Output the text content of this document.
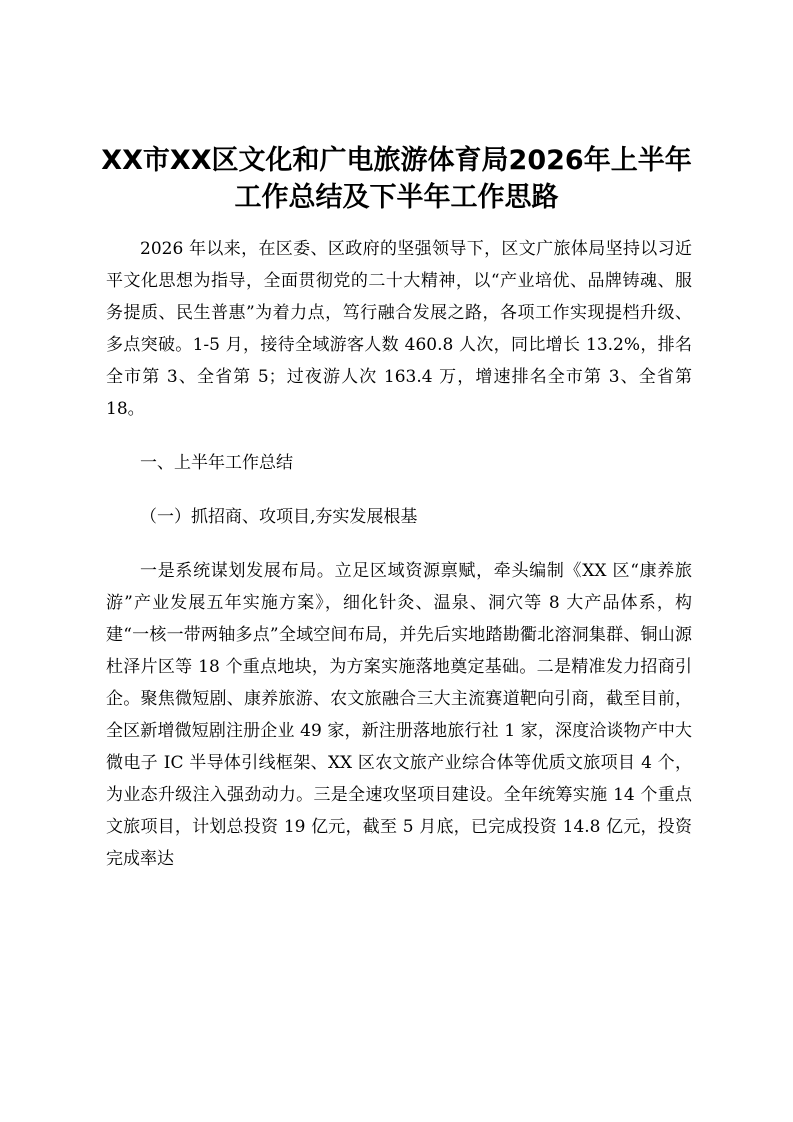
XX市XX区文化和广电旅游体育局2026年上半年工作总结及下半年工作思路

2026 年以来，在区委、区政府的坚强领导下，区文广旅体局坚持以习近平文化思想为指导，全面贯彻党的二十大精神，以“产业培优、品牌铸魂、服务提质、民生普惠”为着力点，笃行融合发展之路，各项工作实现提档升级、多点突破。1-5 月，接待全域游客人数 460.8 人次，同比增长 13.2%，排名全市第 3、全省第 5；过夜游人次 163.4 万，增速排名全市第 3、全省第 18。

一、上半年工作总结

（一）抓招商、攻项目,夯实发展根基

一是系统谋划发展布局。立足区域资源禀赋，牵头编制《XX 区“康养旅游”产业发展五年实施方案》，细化针灸、温泉、洞穴等 8 大产品体系，构建“一核一带两轴多点”全域空间布局，并先后实地踏勘衢北溶洞集群、铜山源杜泽片区等 18 个重点地块，为方案实施落地奠定基础。二是精准发力招商引企。聚焦微短剧、康养旅游、农文旅融合三大主流赛道靶向引商，截至目前，全区新增微短剧注册企业 49 家，新注册落地旅行社 1 家，深度洽谈物产中大微电子 IC 半导体引线框架、XX 区农文旅产业综合体等优质文旅项目 4 个，为业态升级注入强劲动力。三是全速攻坚项目建设。全年统筹实施 14 个重点文旅项目，计划总投资 19 亿元，截至 5 月底，已完成投资 14.8 亿元，投资完成率达
